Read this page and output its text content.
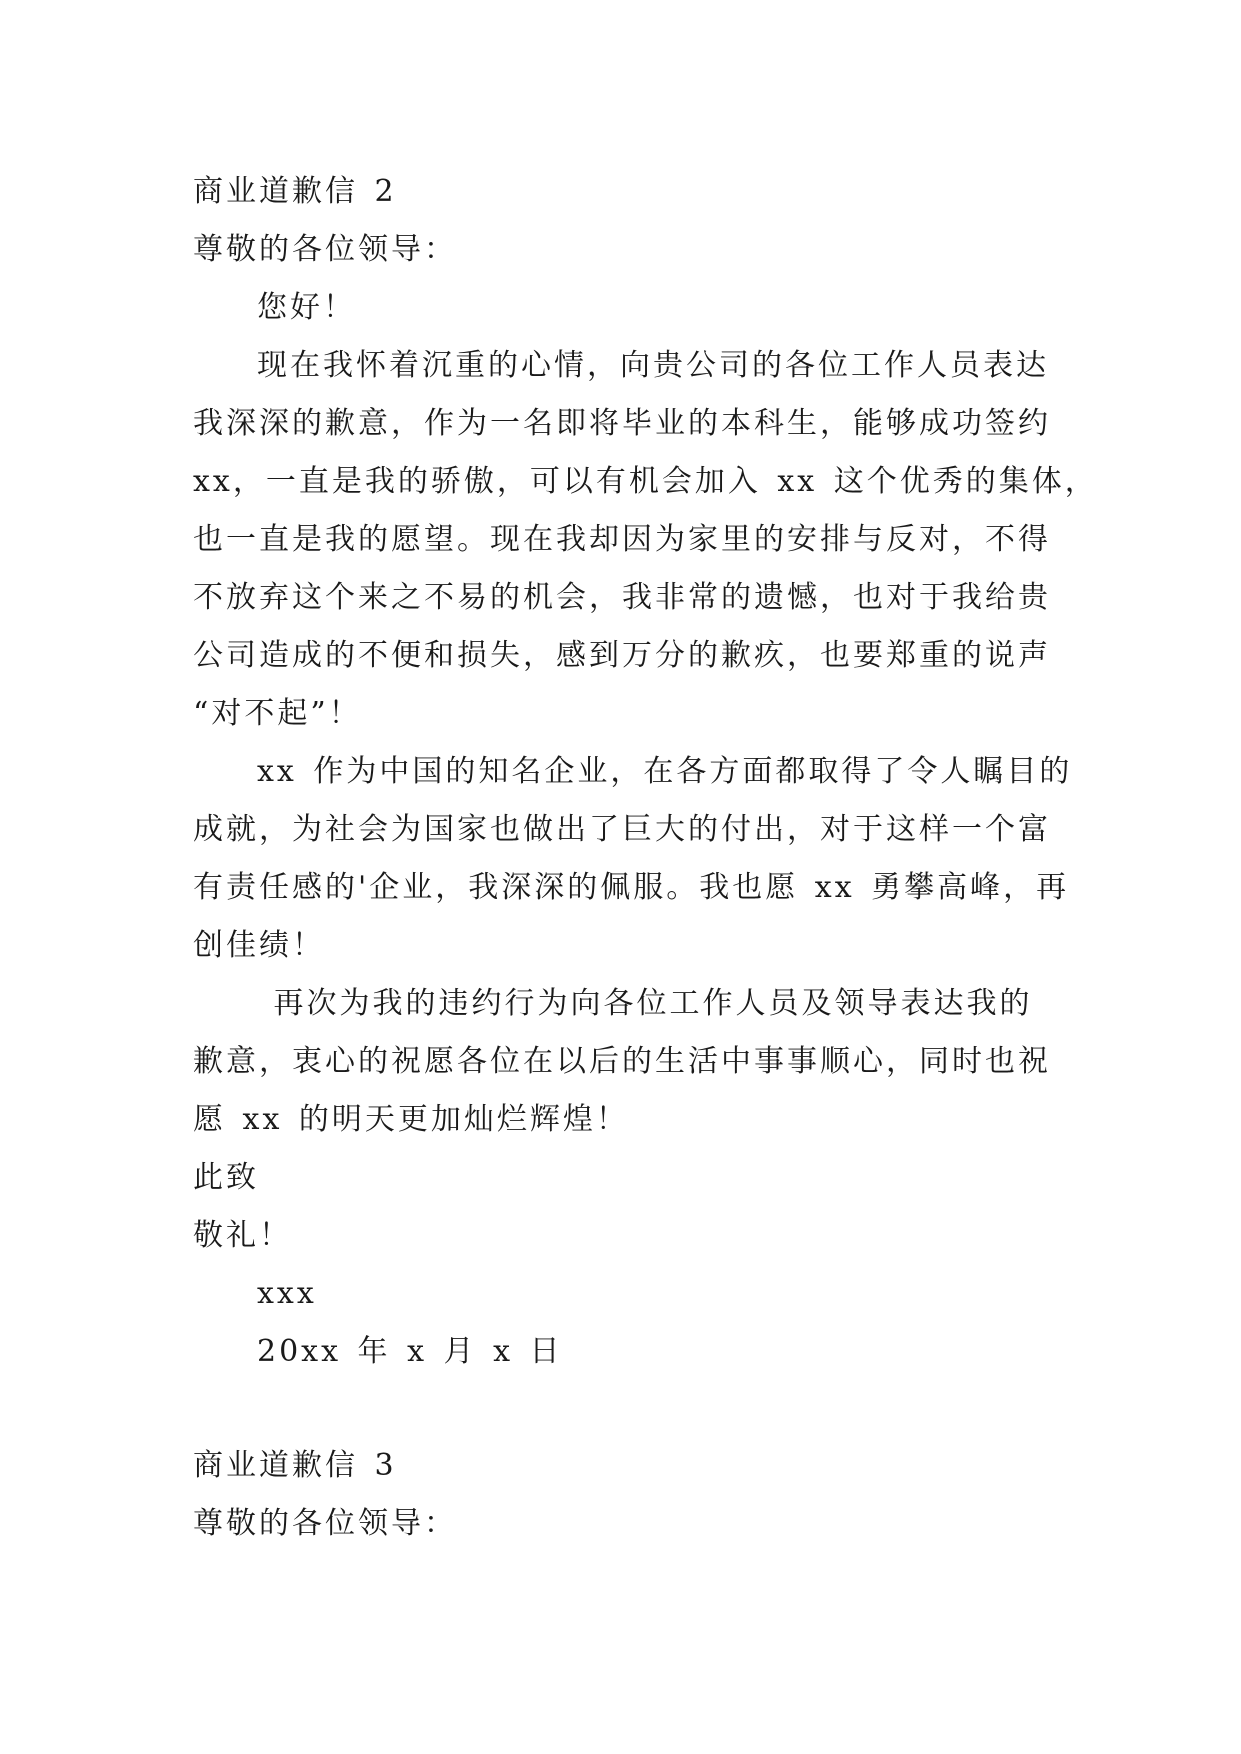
商业道歉信 2

尊敬的各位领导：

您好！

现在我怀着沉重的心情，向贵公司的各位工作人员表达
我深深的歉意，作为一名即将毕业的本科生，能够成功签约
xx，一直是我的骄傲，可以有机会加入 xx 这个优秀的集体，
也一直是我的愿望。现在我却因为家里的安排与反对，不得
不放弃这个来之不易的机会，我非常的遗憾，也对于我给贵
公司造成的不便和损失，感到万分的歉疚，也要郑重的说声
“对不起”！
xx 作为中国的知名企业，在各方面都取得了令人瞩目的
成就，为社会为国家也做出了巨大的付出，对于这样一个富
有责任感的'企业，我深深的佩服。我也愿 xx 勇攀高峰，再
创佳绩！
再次为我的违约行为向各位工作人员及领导表达我的
歉意，衷心的祝愿各位在以后的生活中事事顺心，同时也祝
愿 xx 的明天更加灿烂辉煌！

此致

敬礼！

xxx

20xx 年 x 月 x 日

商业道歉信 3

尊敬的各位领导：
